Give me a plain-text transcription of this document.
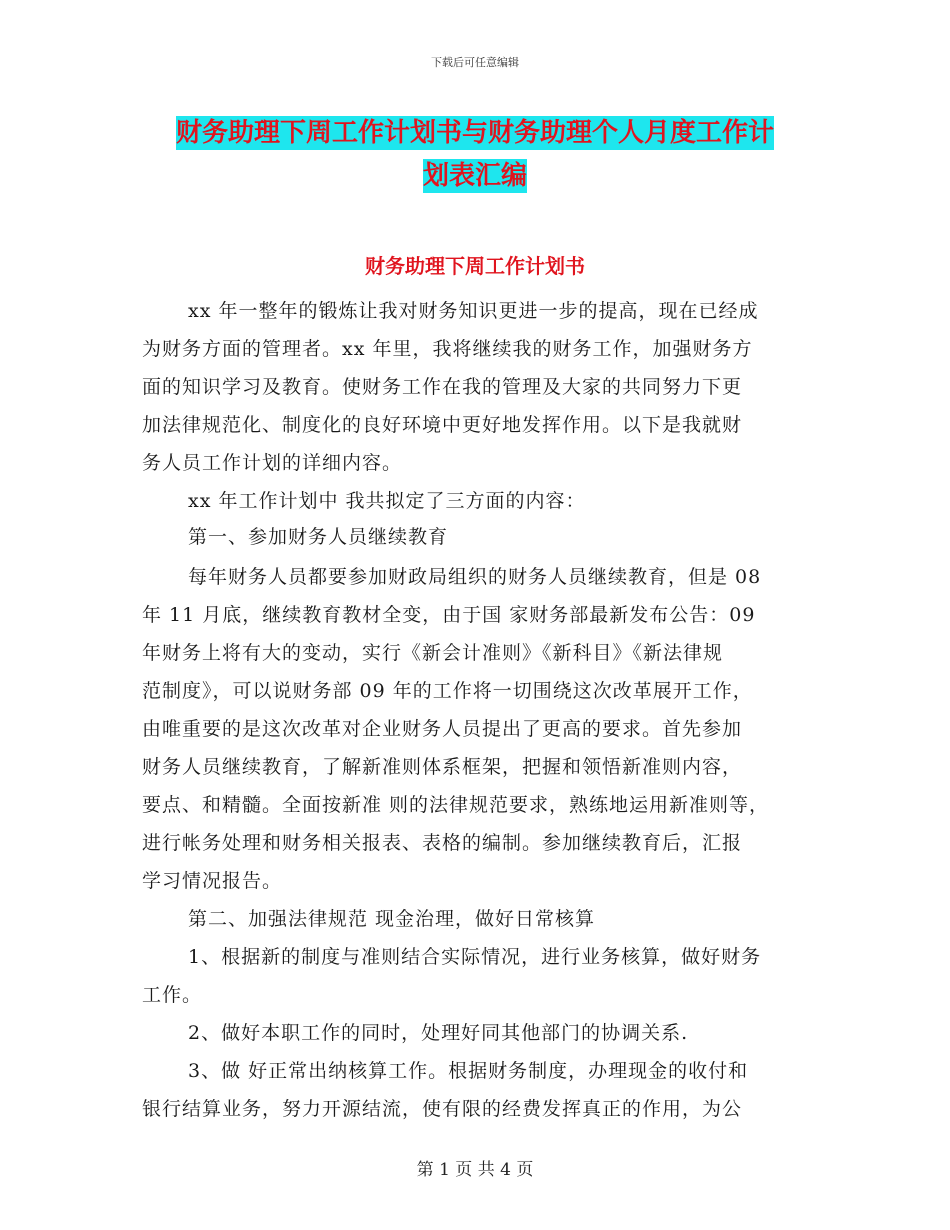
下载后可任意编辑
财务助理下周工作计划书与财务助理个人月度工作计
划表汇编
财务助理下周工作计划书
xx 年一整年的锻炼让我对财务知识更进一步的提高，现在已经成
为财务方面的管理者。xx 年里，我将继续我的财务工作，加强财务方
面的知识学习及教育。使财务工作在我的管理及大家的共同努力下更
加法律规范化、制度化的良好环境中更好地发挥作用。以下是我就财
务人员工作计划的详细内容。
xx 年工作计划中 我共拟定了三方面的内容：
第一、参加财务人员继续教育
每年财务人员都要参加财政局组织的财务人员继续教育，但是 08
年 11 月底，继续教育教材全变，由于国 家财务部最新发布公告：09
年财务上将有大的变动，实行《新会计准则》《新科目》《新法律规
范制度》，可以说财务部 09 年的工作将一切围绕这次改革展开工作，
由唯重要的是这次改革对企业财务人员提出了更高的要求。首先参加
财务人员继续教育，了解新准则体系框架，把握和领悟新准则内容，
要点、和精髓。全面按新准 则的法律规范要求，熟练地运用新准则等，
进行帐务处理和财务相关报表、表格的编制。参加继续教育后，汇报
学习情况报告。
第二、加强法律规范 现金治理，做好日常核算
1、根据新的制度与准则结合实际情况，进行业务核算，做好财务
工作。
2、做好本职工作的同时，处理好同其他部门的协调关系.
3、做 好正常出纳核算工作。根据财务制度，办理现金的收付和
银行结算业务，努力开源结流，使有限的经费发挥真正的作用，为公
第 1 页 共 4 页
